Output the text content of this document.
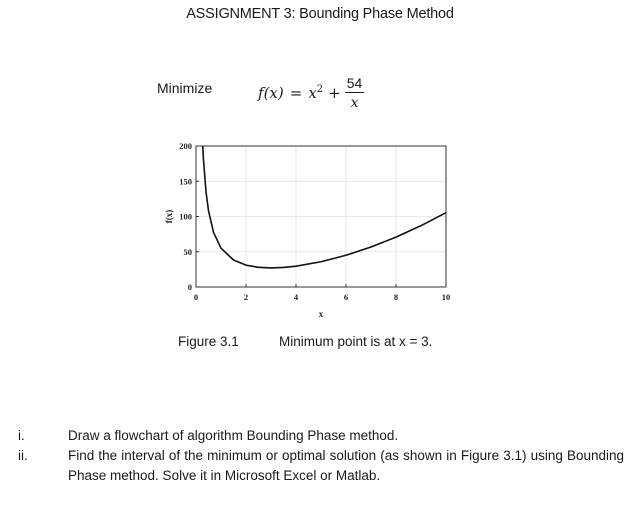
ASSIGNMENT 3: Bounding Phase Method
Minimize	$f(x) = x^2 + \frac{54}{x}$
0	2	4	6	8	10
0
50
100
150
200
x
f(x)
Figure 3.1	Minimum point is at x = 3.
i.	Draw a flowchart of algorithm Bounding Phase method.
ii.	Find the interval of the minimum or optimal solution (as shown in Figure 3.1) using Bounding Phase method. Solve it in Microsoft Excel or Matlab.
